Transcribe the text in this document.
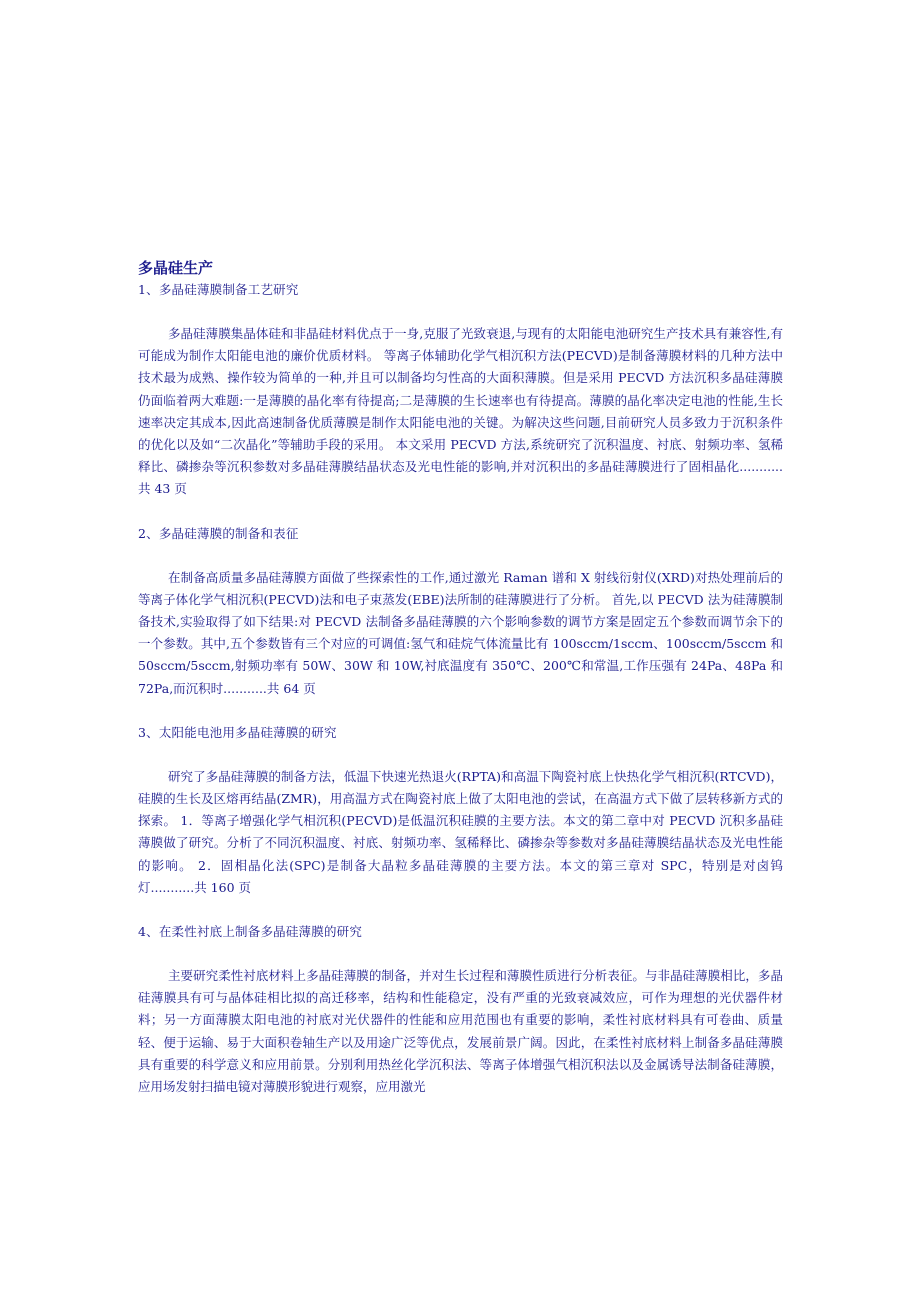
多晶硅生产

1、多晶硅薄膜制备工艺研究

多晶硅薄膜集晶体硅和非晶硅材料优点于一身,克服了光致衰退,与现有的太阳能电池研究生产技术具有兼容性,有可能成为制作太阳能电池的廉价优质材料。 等离子体辅助化学气相沉积方法(PECVD)是制备薄膜材料的几种方法中技术最为成熟、操作较为简单的一种,并且可以制备均匀性高的大面积薄膜。但是采用 PECVD 方法沉积多晶硅薄膜仍面临着两大难题:一是薄膜的晶化率有待提高;二是薄膜的生长速率也有待提高。薄膜的晶化率决定电池的性能,生长速率决定其成本,因此高速制备优质薄膜是制作太阳能电池的关键。为解决这些问题,目前研究人员多致力于沉积条件的优化以及如“二次晶化”等辅助手段的采用。 本文采用 PECVD 方法,系统研究了沉积温度、衬底、射频功率、氢稀释比、磷掺杂等沉积参数对多晶硅薄膜结晶状态及光电性能的影响,并对沉积出的多晶硅薄膜进行了固相晶化...........共 43 页

2、多晶硅薄膜的制备和表征

在制备高质量多晶硅薄膜方面做了些探索性的工作,通过激光 Raman 谱和 X 射线衍射仪(XRD)对热处理前后的等离子体化学气相沉积(PECVD)法和电子束蒸发(EBE)法所制的硅薄膜进行了分析。 首先,以 PECVD 法为硅薄膜制备技术,实验取得了如下结果:对 PECVD 法制备多晶硅薄膜的六个影响参数的调节方案是固定五个参数而调节余下的一个参数。其中,五个参数皆有三个对应的可调值:氢气和硅烷气体流量比有 100sccm/1sccm、100sccm/5sccm 和 50sccm/5sccm,射频功率有 50W、30W 和 10W,衬底温度有 350℃、200℃和常温,工作压强有 24Pa、48Pa 和 72Pa,而沉积时...........共 64 页

3、太阳能电池用多晶硅薄膜的研究

研究了多晶硅薄膜的制备方法，低温下快速光热退火(RPTA)和高温下陶瓷衬底上快热化学气相沉积(RTCVD)，硅膜的生长及区熔再结晶(ZMR)，用高温方式在陶瓷衬底上做了太阳电池的尝试，在高温方式下做了层转移新方式的探索。 1．等离子增强化学气相沉积(PECVD)是低温沉积硅膜的主要方法。本文的第二章中对 PECVD 沉积多晶硅薄膜做了研究。分析了不同沉积温度、衬底、射频功率、氢稀释比、磷掺杂等参数对多晶硅薄膜结晶状态及光电性能的影响。 2．固相晶化法(SPC)是制备大晶粒多晶硅薄膜的主要方法。本文的第三章对 SPC，特别是对卤钨灯...........共 160 页

4、在柔性衬底上制备多晶硅薄膜的研究

主要研究柔性衬底材料上多晶硅薄膜的制备，并对生长过程和薄膜性质进行分析表征。与非晶硅薄膜相比，多晶硅薄膜具有可与晶体硅相比拟的高迁移率，结构和性能稳定，没有严重的光致衰减效应，可作为理想的光伏器件材料；另一方面薄膜太阳电池的衬底对光伏器件的性能和应用范围也有重要的影响，柔性衬底材料具有可卷曲、质量轻、便于运输、易于大面积卷轴生产以及用途广泛等优点，发展前景广阔。因此，在柔性衬底材料上制备多晶硅薄膜具有重要的科学意义和应用前景。分别利用热丝化学沉积法、等离子体增强气相沉积法以及金属诱导法制备硅薄膜，应用场发射扫描电镜对薄膜形貌进行观察，应用激光
